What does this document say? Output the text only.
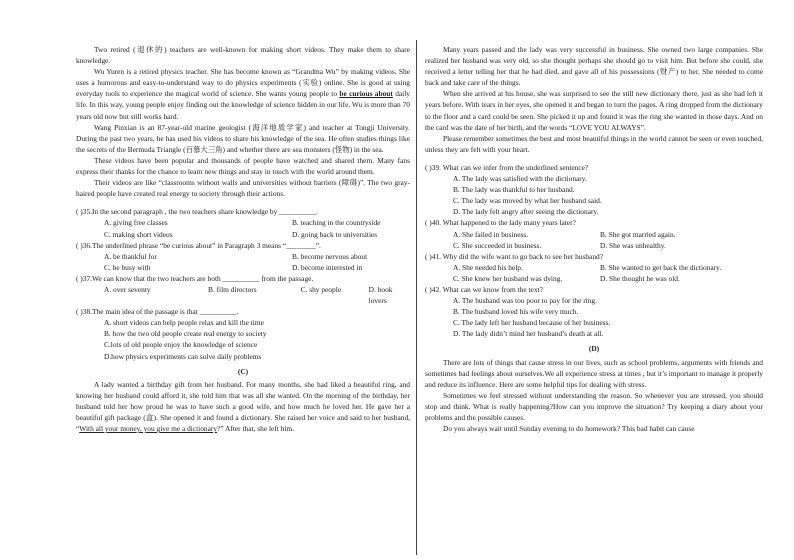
Two retired (退休的) teachers are well-known for making short videos. They make them to share knowledge.

Wu Yuren is a retired physics teacher. She has become known as “Grandma Wu” by making videos. She uses a humorous and easy-to-understand way to do physics experiments (实验) online. She is good at using everyday tools to experience the magical world of science. She wants young people to be curious about daily life. In this way, young people enjoy finding out the knowledge of science hidden in our life. Wu is more than 70 years old now but still works hard.

Wang Pinxian is an 87-year-old marine geologist (海洋地质学家) and teacher at Tongji University. During the past two years, he has used his videos to share his knowledge of the sea. He often studies things like the secrets of the Bermuda Triangle (百慕大三角) and whether there are sea monsters (怪物) in the sea.

These videos have been popular and thousands of people have watched and shared them. Many fans express their thanks for the chance to learn new things and stay in touch with the world around them.

Their videos are like “classrooms without walls and universities without barriers (障碍)”. The two gray-haired people have created real energy to society through their actions.

( )35.In the second paragraph , the two teachers share knowledge by __________.

A. giving free classes	B. teaching in the countryside
C. making short videos	D. going back to universities

( )36.The underlined phrase “be curious about” in Paragraph 3 means “________”.

A. be thankful for	B. become nervous about
C. be busy with	D. become interested in

( )37.We can know that the two teachers are both __________ from the passage.

A. over seventy	B. film directors	C. shy people	D. book lovers

( )38.The main idea of the passage is that __________.

A. short videos can help people relax and kill the time

B. how the two old people create real energy to society

C.lots of old people enjoy the knowledge of science

D.how physics experiments can solve daily problems

(C)

A lady wanted a birthday gift from her husband. For many months, she had liked a beautiful ring, and knowing her husband could afford it, she told him that was all she wanted. On the morning of the birthday, her husband told her how proud he was to have such a good wife, and how much he loved her. He gave her a beautiful gift package (盒). She opened it and found a dictionary. She raised her voice and said to her husband, “With all your money, you give me a dictionary?” After that, she left him.

Many years passed and the lady was very successful in business. She owned two large companies. She realized her husband was very old, so she thought perhaps she should go to visit him. But before she could, she received a letter telling her that he had died, and gave all of his possessions (财产) to her. She needed to come back and take care of the things.

When she arrived at his house, she was surprised to see the still new dictionary there, just as she had left it years before. With tears in her eyes, she opened it and began to turn the pages. A ring dropped from the dictionary to the floor and a card could be seen. She picked it up and found it was the ring she wanted in those days. And on the card was the date of her birth, and the words “LOVE YOU ALWAYS”.

Please remember sometimes the best and most beautiful things in the world cannot be seen or even touched, unless they are felt with your heart.

( )39. What can we infer from the underlined sentence?

A. The lady was satisfied with the dictionary.

B. The lady was thankful to her husband.

C. The lady was moved by what her husband said.

D. The lady felt angry after seeing the dictionary.

( )40. What happened to the lady many years later?

A. She failed in business.	B. She got married again.
C. She succeeded in business.	D. She was unhealthy.

( )41. Why did the wife want to go back to see her husband?

A. She needed his help.	B. She wanted to get back the dictionary.
C. She knew her husband was dying.	D. She thought he was old.

( )42. What can we know from the text?

A. The husband was too poor to pay for the ring.

B. The husband loved his wife very much.

C. The lady left her husband because of her business.

D. The lady didn’t mind her husband’s death at all.

(D)

There are lots of things that cause stress in our lives, such as school problems, arguments with friends and sometimes bad feelings about ourselves.We all experience stress at times , but it’s important to manage it properly and reduce its influence. Here are some helpful tips for dealing with stress.

Sometimes we feel stressed without understanding the reason. So whenever you are stressed, you should stop and think. What is really happening?How can you improve the situation? Try keeping a diary about your problems and the possible causes.

Do you always wait until Sunday evening to do homework? This bad habit can cause
